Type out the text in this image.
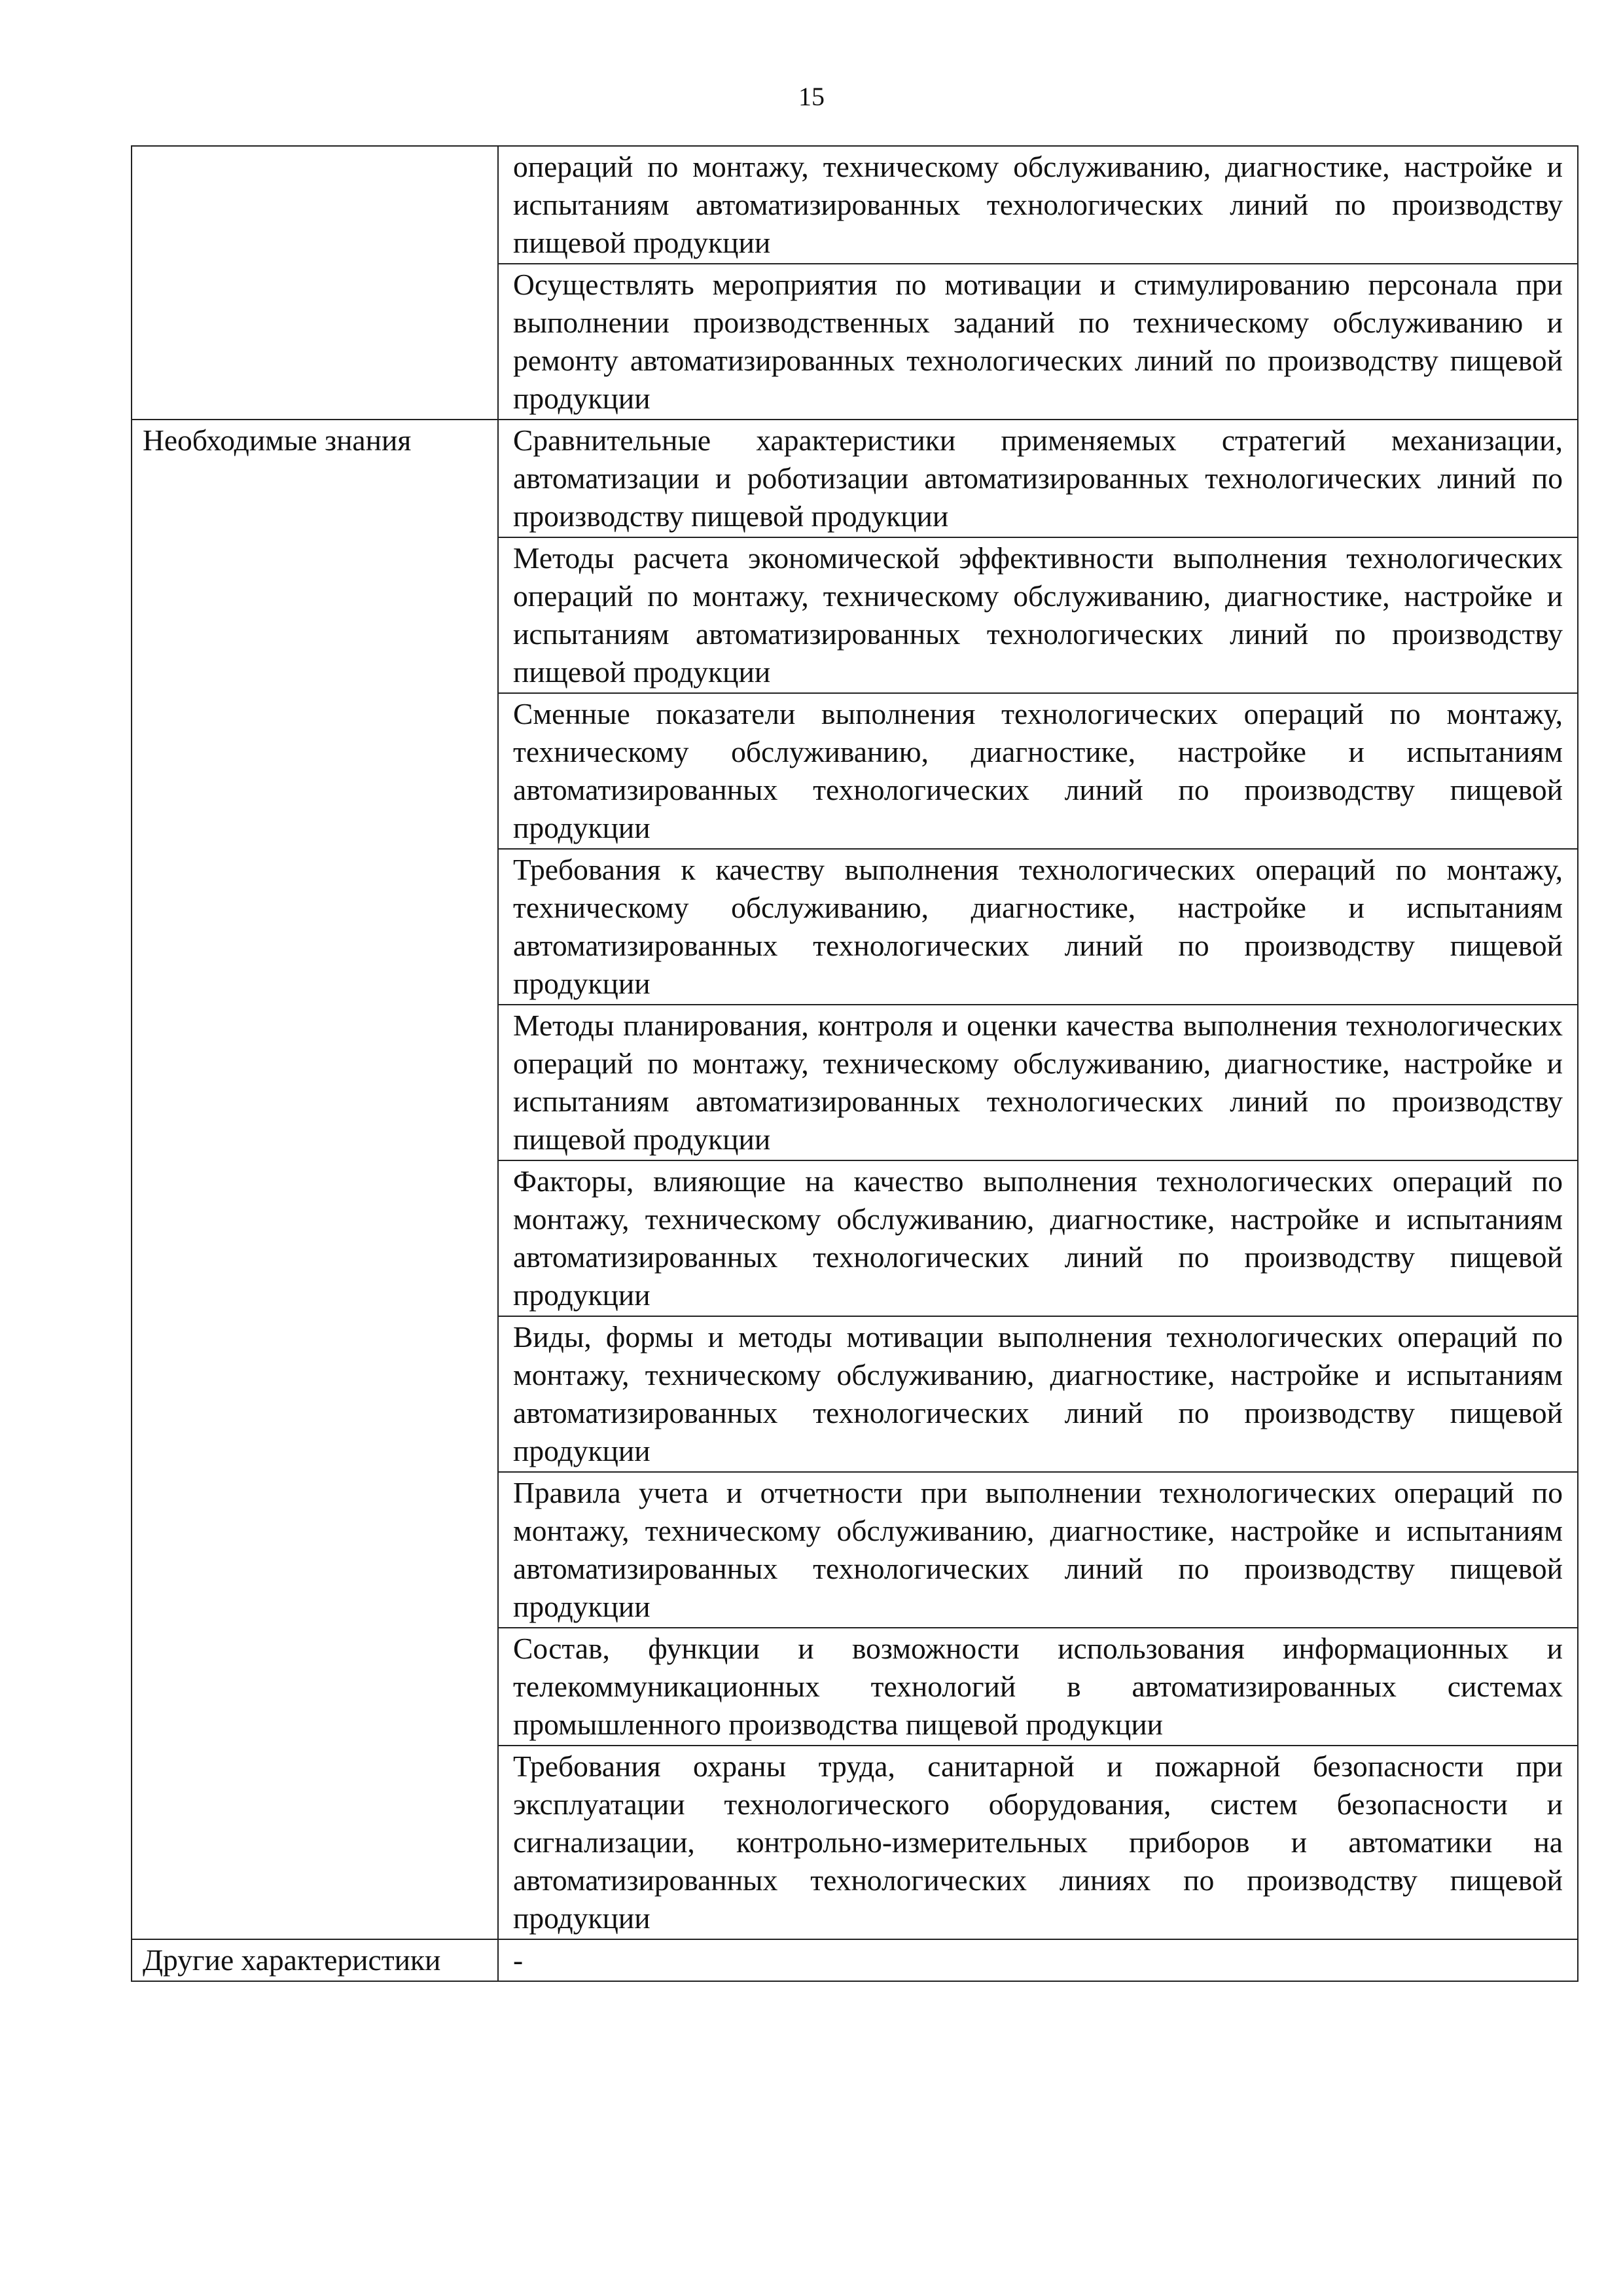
15
	операций по монтажу, техническому обслуживанию, диагностике, настройке и испытаниям автоматизированных технологических линий по производству пищевой продукции
	Осуществлять мероприятия по мотивации и стимулированию персонала при выполнении производственных заданий по техническому обслуживанию и ремонту автоматизированных технологических линий по производству пищевой продукции
Необходимые знания	Сравнительные характеристики применяемых стратегий механизации, автоматизации и роботизации автоматизированных технологических линий по производству пищевой продукции
	Методы расчета экономической эффективности выполнения технологических операций по монтажу, техническому обслуживанию, диагностике, настройке и испытаниям автоматизированных технологических линий по производству пищевой продукции
	Сменные показатели выполнения технологических операций по монтажу, техническому обслуживанию, диагностике, настройке и испытаниям автоматизированных технологических линий по производству пищевой продукции
	Требования к качеству выполнения технологических операций по монтажу, техническому обслуживанию, диагностике, настройке и испытаниям автоматизированных технологических линий по производству пищевой продукции
	Методы планирования, контроля и оценки качества выполнения технологических операций по монтажу, техническому обслуживанию, диагностике, настройке и испытаниям автоматизированных технологических линий по производству пищевой продукции
	Факторы, влияющие на качество выполнения технологических операций по монтажу, техническому обслуживанию, диагностике, настройке и испытаниям автоматизированных технологических линий по производству пищевой продукции
	Виды, формы и методы мотивации выполнения технологических операций по монтажу, техническому обслуживанию, диагностике, настройке и испытаниям автоматизированных технологических линий по производству пищевой продукции
	Правила учета и отчетности при выполнении технологических операций по монтажу, техническому обслуживанию, диагностике, настройке и испытаниям автоматизированных технологических линий по производству пищевой продукции
	Состав, функции и возможности использования информационных и телекоммуникационных технологий в автоматизированных системах промышленного производства пищевой продукции
	Требования охраны труда, санитарной и пожарной безопасности при эксплуатации технологического оборудования, систем безопасности и сигнализации, контрольно-измерительных приборов и автоматики на автоматизированных технологических линиях по производству пищевой продукции
Другие характеристики	-
